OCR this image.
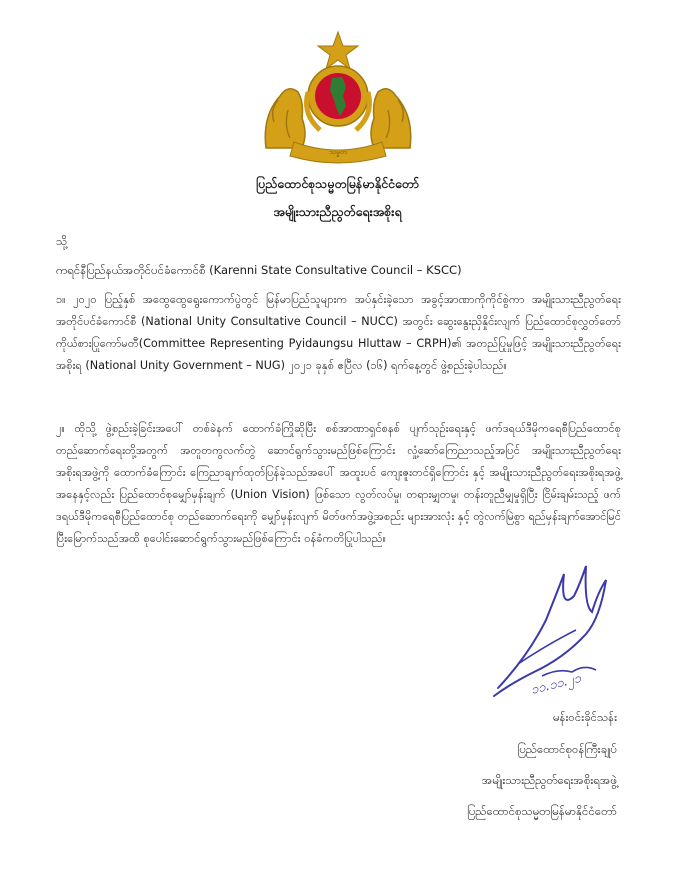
သမ္မတ
ပြည်ထောင်စုသမ္မတမြန်မာနိုင်ငံတော်
အမျိုးသားညီညွတ်ရေးအစိုးရ
သို့
ကရင်နီပြည်နယ်အတိုင်ပင်ခံကောင်စီ (Karenni State Consultative Council – KSCC)

၁။ ၂၀၂၀ ပြည့်နှစ် အထွေထွေရွေးကောက်ပွဲတွင် မြန်မာပြည်သူများက အပ်နှင်းခဲ့သော အခွင့်အာဏာကိုကိုင်စွဲကာ အမျိုးသားညီညွတ်ရေးအတိုင်ပင်ခံကောင်စီ (National Unity Consultative Council – NUCC) အတွင်း ဆွေးနွေးညှိနှိုင်းလျက် ပြည်ထောင်စုလွှတ်တော်ကိုယ်စားပြုကော်မတီ(Committee Representing Pyidaungsu Hluttaw – CRPH)၏ အတည်ပြုမှုဖြင့် အမျိုးသားညီညွတ်ရေးအစိုးရ (National Unity Government – NUG) ၂၀၂၁ ခုနှစ် ဧပြီလ (၁၆) ရက်နေ့တွင် ဖွဲ့စည်းခဲ့ပါသည်။

၂။ ထိုသို့ ဖွဲ့စည်းခဲ့ခြင်းအပေါ် တစ်ခဲနက် ထောက်ခံကြိုဆိုပြီး စစ်အာဏာရှင်စနစ် ပျက်သုဉ်းရေးနှင့် ဖက်ဒရယ်ဒီမိုကရေစီပြည်ထောင်စု တည်ဆောက်ရေးတို့အတွက် အတူတကွလက်တွဲ ဆောင်ရွက်သွားမည်ဖြစ်ကြောင်း လှုံ့ဆော်ကြေညာသည့်အပြင် အမျိုးသားညီညွတ်ရေးအစိုးရအဖွဲ့ကို ထောက်ခံကြောင်း ကြေညာချက်ထုတ်ပြန်ခဲ့သည်အပေါ် အထူးပင် ကျေးဇူးတင်ရှိကြောင်း နှင့် အမျိုးသားညီညွတ်ရေးအစိုးရအဖွဲ့အနေနှင့်လည်း ပြည်ထောင်စုမျှော်မှန်းချက် (Union Vision) ဖြစ်သော လွတ်လပ်မှု၊ တရားမျှတမှု၊ တန်းတူညီမျှမှုရှိပြီး ငြိမ်းချမ်းသည့် ဖက်ဒရယ်ဒီမိုကရေစီပြည်ထောင်စု တည်ဆောက်ရေးကို မျှော်မှန်းလျက် မိတ်ဖက်အဖွဲ့အစည်း များအားလုံး နှင့် တွဲလက်မြဲစွာ ရည်မှန်းချက်အောင်မြင်ပြီးမြောက်သည်အထိ စုပေါင်းဆောင်ရွက်သွားမည်ဖြစ်ကြောင်း ဝန်ခံကတိပြုပါသည်။

၁၁.၁၁.၂၁
မန်းဝင်းခိုင်သန်း
ပြည်ထောင်စုဝန်ကြီးချုပ်
အမျိုးသားညီညွတ်ရေးအစိုးရအဖွဲ့
ပြည်ထောင်စုသမ္မတမြန်မာနိုင်ငံတော်
